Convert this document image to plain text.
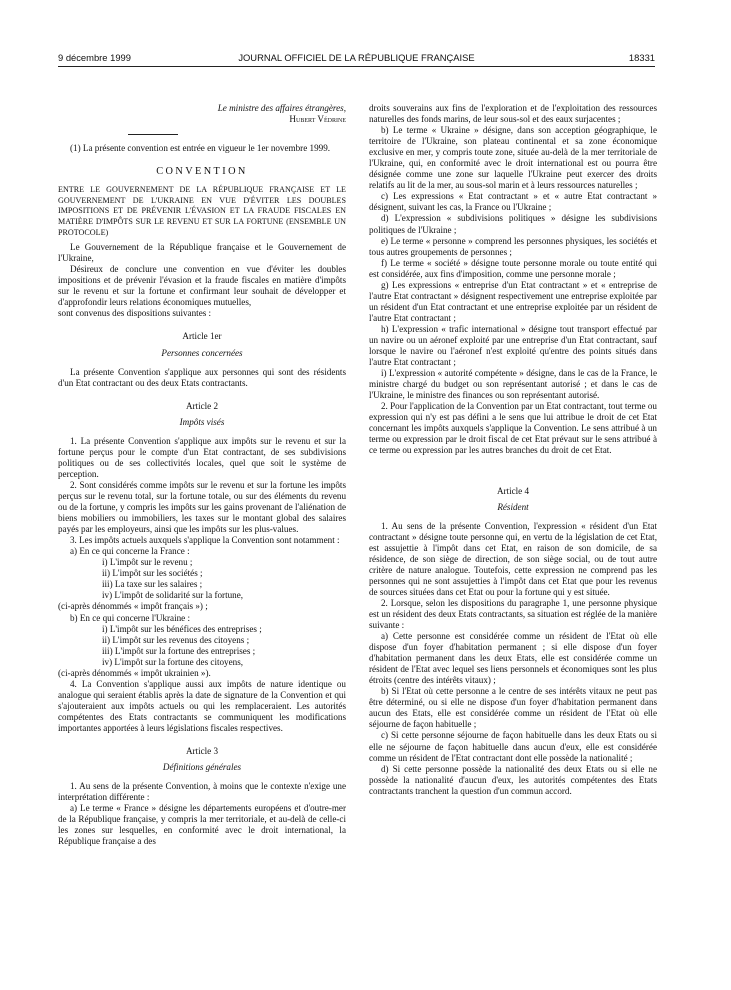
9 décembre 1999	JOURNAL OFFICIEL DE LA RÉPUBLIQUE FRANÇAISE	18331

Le ministre des affaires étrangères,

Hubert Védrine

(1) La présente convention est entrée en vigueur le 1er novembre 1999.

CONVENTION
ENTRE LE GOUVERNEMENT DE LA RÉPUBLIQUE FRANÇAISE ET LE GOUVERNEMENT DE L'UKRAINE EN VUE D'ÉVITER LES DOUBLES IMPOSITIONS ET DE PRÉVENIR L'ÉVASION ET LA FRAUDE FISCALES EN MATIÈRE D'IMPÔTS SUR LE REVENU ET SUR LA FORTUNE (ENSEMBLE UN PROTOCOLE)

Le Gouvernement de la République française et le Gouvernement de l'Ukraine,

Désireux de conclure une convention en vue d'éviter les doubles impositions et de prévenir l'évasion et la fraude fiscales en matière d'impôts sur le revenu et sur la fortune et confirmant leur souhait de développer et d'approfondir leurs relations économiques mutuelles,

sont convenus des dispositions suivantes :

Article 1er
Personnes concernées

La présente Convention s'applique aux personnes qui sont des résidents d'un Etat contractant ou des deux Etats contractants.

Article 2
Impôts visés

1. La présente Convention s'applique aux impôts sur le revenu et sur la fortune perçus pour le compte d'un Etat contractant, de ses subdivisions politiques ou de ses collectivités locales, quel que soit le système de perception.

2. Sont considérés comme impôts sur le revenu et sur la fortune les impôts perçus sur le revenu total, sur la fortune totale, ou sur des éléments du revenu ou de la fortune, y compris les impôts sur les gains provenant de l'aliénation de biens mobiliers ou immobiliers, les taxes sur le montant global des salaires payés par les employeurs, ainsi que les impôts sur les plus-values.

3. Les impôts actuels auxquels s'applique la Convention sont notamment :

a) En ce qui concerne la France :

i) L'impôt sur le revenu ;
ii) L'impôt sur les sociétés ;
iii) La taxe sur les salaires ;
iv) L'impôt de solidarité sur la fortune,
(ci-après dénommés « impôt français ») ;

b) En ce qui concerne l'Ukraine :

i) L'impôt sur les bénéfices des entreprises ;
ii) L'impôt sur les revenus des citoyens ;
iii) L'impôt sur la fortune des entreprises ;
iv) L'impôt sur la fortune des citoyens,
(ci-après dénommés « impôt ukrainien »).

4. La Convention s'applique aussi aux impôts de nature identique ou analogue qui seraient établis après la date de signature de la Convention et qui s'ajouteraient aux impôts actuels ou qui les remplaceraient. Les autorités compétentes des Etats contractants se communiquent les modifications importantes apportées à leurs législations fiscales respectives.

Article 3
Définitions générales

1. Au sens de la présente Convention, à moins que le contexte n'exige une interprétation différente :

a) Le terme « France » désigne les départements européens et d'outre-mer de la République française, y compris la mer territoriale, et au-delà de celle-ci les zones sur lesquelles, en conformité avec le droit international, la République française a des

droits souverains aux fins de l'exploration et de l'exploitation des ressources naturelles des fonds marins, de leur sous-sol et des eaux surjacentes ;

b) Le terme « Ukraine » désigne, dans son acception géographique, le territoire de l'Ukraine, son plateau continental et sa zone économique exclusive en mer, y compris toute zone, située au-delà de la mer territoriale de l'Ukraine, qui, en conformité avec le droit international est ou pourra être désignée comme une zone sur laquelle l'Ukraine peut exercer des droits relatifs au lit de la mer, au sous-sol marin et à leurs ressources naturelles ;

c) Les expressions « Etat contractant » et « autre Etat contractant » désignent, suivant les cas, la France ou l'Ukraine ;

d) L'expression « subdivisions politiques » désigne les subdivisions politiques de l'Ukraine ;

e) Le terme « personne » comprend les personnes physiques, les sociétés et tous autres groupements de personnes ;

f) Le terme « société » désigne toute personne morale ou toute entité qui est considérée, aux fins d'imposition, comme une personne morale ;

g) Les expressions « entreprise d'un Etat contractant » et « entreprise de l'autre Etat contractant » désignent respectivement une entreprise exploitée par un résident d'un Etat contractant et une entreprise exploitée par un résident de l'autre Etat contractant ;

h) L'expression « trafic international » désigne tout transport effectué par un navire ou un aéronef exploité par une entreprise d'un Etat contractant, sauf lorsque le navire ou l'aéronef n'est exploité qu'entre des points situés dans l'autre Etat contractant ;

i) L'expression « autorité compétente » désigne, dans le cas de la France, le ministre chargé du budget ou son représentant autorisé ; et dans le cas de l'Ukraine, le ministre des finances ou son représentant autorisé.

2. Pour l'application de la Convention par un Etat contractant, tout terme ou expression qui n'y est pas défini a le sens que lui attribue le droit de cet Etat concernant les impôts auxquels s'applique la Convention. Le sens attribué à un terme ou expression par le droit fiscal de cet Etat prévaut sur le sens attribué à ce terme ou expression par les autres branches du droit de cet Etat.

Article 4
Résident

1. Au sens de la présente Convention, l'expression « résident d'un Etat contractant » désigne toute personne qui, en vertu de la législation de cet Etat, est assujettie à l'impôt dans cet Etat, en raison de son domicile, de sa résidence, de son siège de direction, de son siège social, ou de tout autre critère de nature analogue. Toutefois, cette expression ne comprend pas les personnes qui ne sont assujetties à l'impôt dans cet Etat que pour les revenus de sources situées dans cet Etat ou pour la fortune qui y est située.

2. Lorsque, selon les dispositions du paragraphe 1, une personne physique est un résident des deux Etats contractants, sa situation est réglée de la manière suivante :

a) Cette personne est considérée comme un résident de l'Etat où elle dispose d'un foyer d'habitation permanent ; si elle dispose d'un foyer d'habitation permanent dans les deux Etats, elle est considérée comme un résident de l'Etat avec lequel ses liens personnels et économiques sont les plus étroits (centre des intérêts vitaux) ;

b) Si l'Etat où cette personne a le centre de ses intérêts vitaux ne peut pas être déterminé, ou si elle ne dispose d'un foyer d'habitation permanent dans aucun des Etats, elle est considérée comme un résident de l'Etat où elle séjourne de façon habituelle ;

c) Si cette personne séjourne de façon habituelle dans les deux Etats ou si elle ne séjourne de façon habituelle dans aucun d'eux, elle est considérée comme un résident de l'Etat contractant dont elle possède la nationalité ;

d) Si cette personne possède la nationalité des deux Etats ou si elle ne possède la nationalité d'aucun d'eux, les autorités compétentes des Etats contractants tranchent la question d'un commun accord.
